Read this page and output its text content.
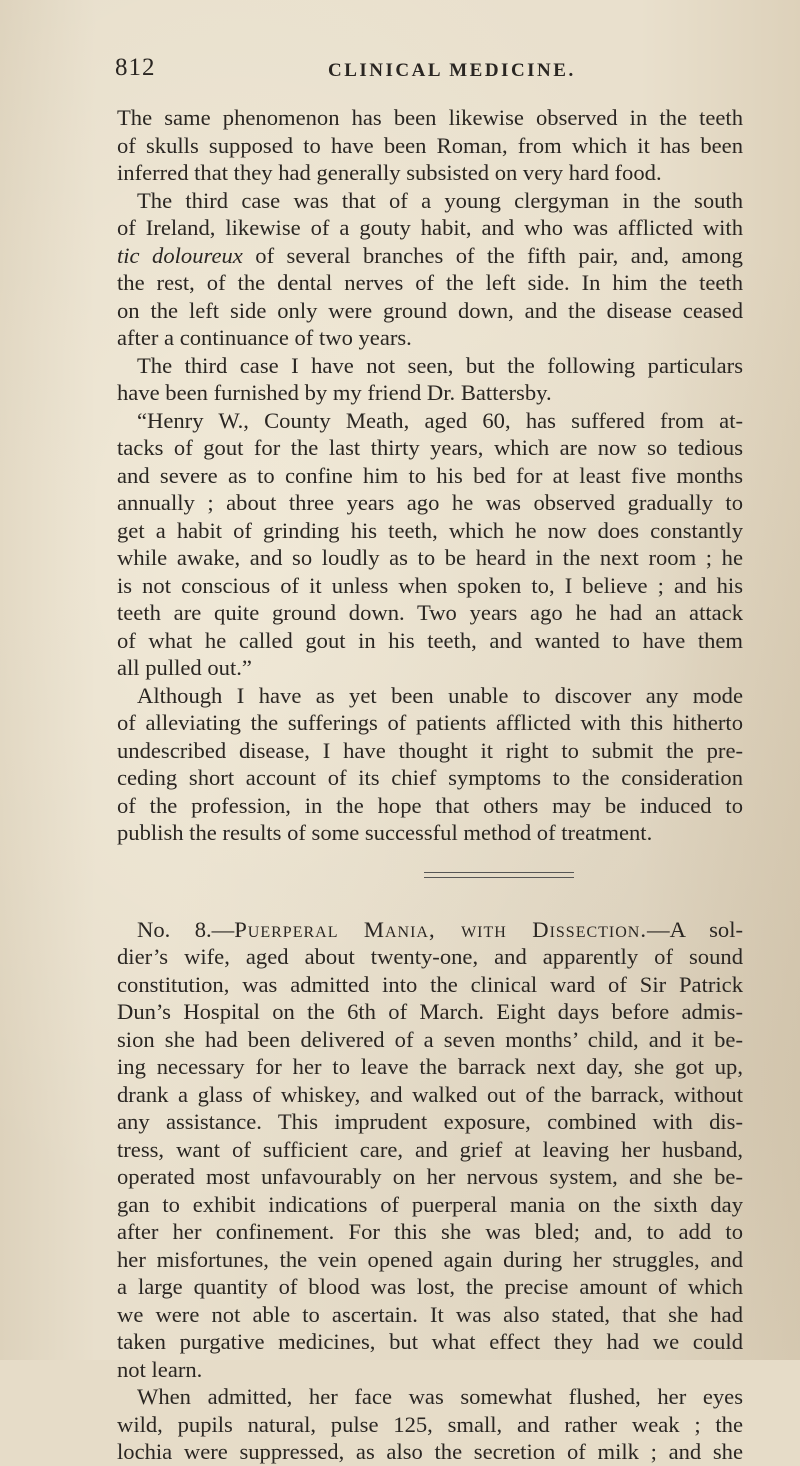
812	CLINICAL MEDICINE.
The same phenomenon has been likewise observed in the teeth
of skulls supposed to have been Roman, from which it has been
inferred that they had generally subsisted on very hard food.
The third case was that of a young clergyman in the south
of Ireland, likewise of a gouty habit, and who was afflicted with
tic doloureux of several branches of the fifth pair, and, among
the rest, of the dental nerves of the left side. In him the teeth
on the left side only were ground down, and the disease ceased
after a continuance of two years.
The third case I have not seen, but the following particulars
have been furnished by my friend Dr. Battersby.
“Henry W., County Meath, aged 60, has suffered from at-
tacks of gout for the last thirty years, which are now so tedious
and severe as to confine him to his bed for at least five months
annually ; about three years ago he was observed gradually to
get a habit of grinding his teeth, which he now does constantly
while awake, and so loudly as to be heard in the next room ; he
is not conscious of it unless when spoken to, I believe ; and his
teeth are quite ground down. Two years ago he had an attack
of what he called gout in his teeth, and wanted to have them
all pulled out.”
Although I have as yet been unable to discover any mode
of alleviating the sufferings of patients afflicted with this hitherto
undescribed disease, I have thought it right to submit the pre-
ceding short account of its chief symptoms to the consideration
of the profession, in the hope that others may be induced to
publish the results of some successful method of treatment.
No. 8.—Puerperal Mania, with Dissection.—A sol-
dier’s wife, aged about twenty-one, and apparently of sound
constitution, was admitted into the clinical ward of Sir Patrick
Dun’s Hospital on the 6th of March. Eight days before admis-
sion she had been delivered of a seven months’ child, and it be-
ing necessary for her to leave the barrack next day, she got up,
drank a glass of whiskey, and walked out of the barrack, without
any assistance. This imprudent exposure, combined with dis-
tress, want of sufficient care, and grief at leaving her husband,
operated most unfavourably on her nervous system, and she be-
gan to exhibit indications of puerperal mania on the sixth day
after her confinement. For this she was bled; and, to add to
her misfortunes, the vein opened again during her struggles, and
a large quantity of blood was lost, the precise amount of which
we were not able to ascertain. It was also stated, that she had
taken purgative medicines, but what effect they had we could
not learn.
When admitted, her face was somewhat flushed, her eyes
wild, pupils natural, pulse 125, small, and rather weak ; the
lochia were suppressed, as also the secretion of milk ; and she
